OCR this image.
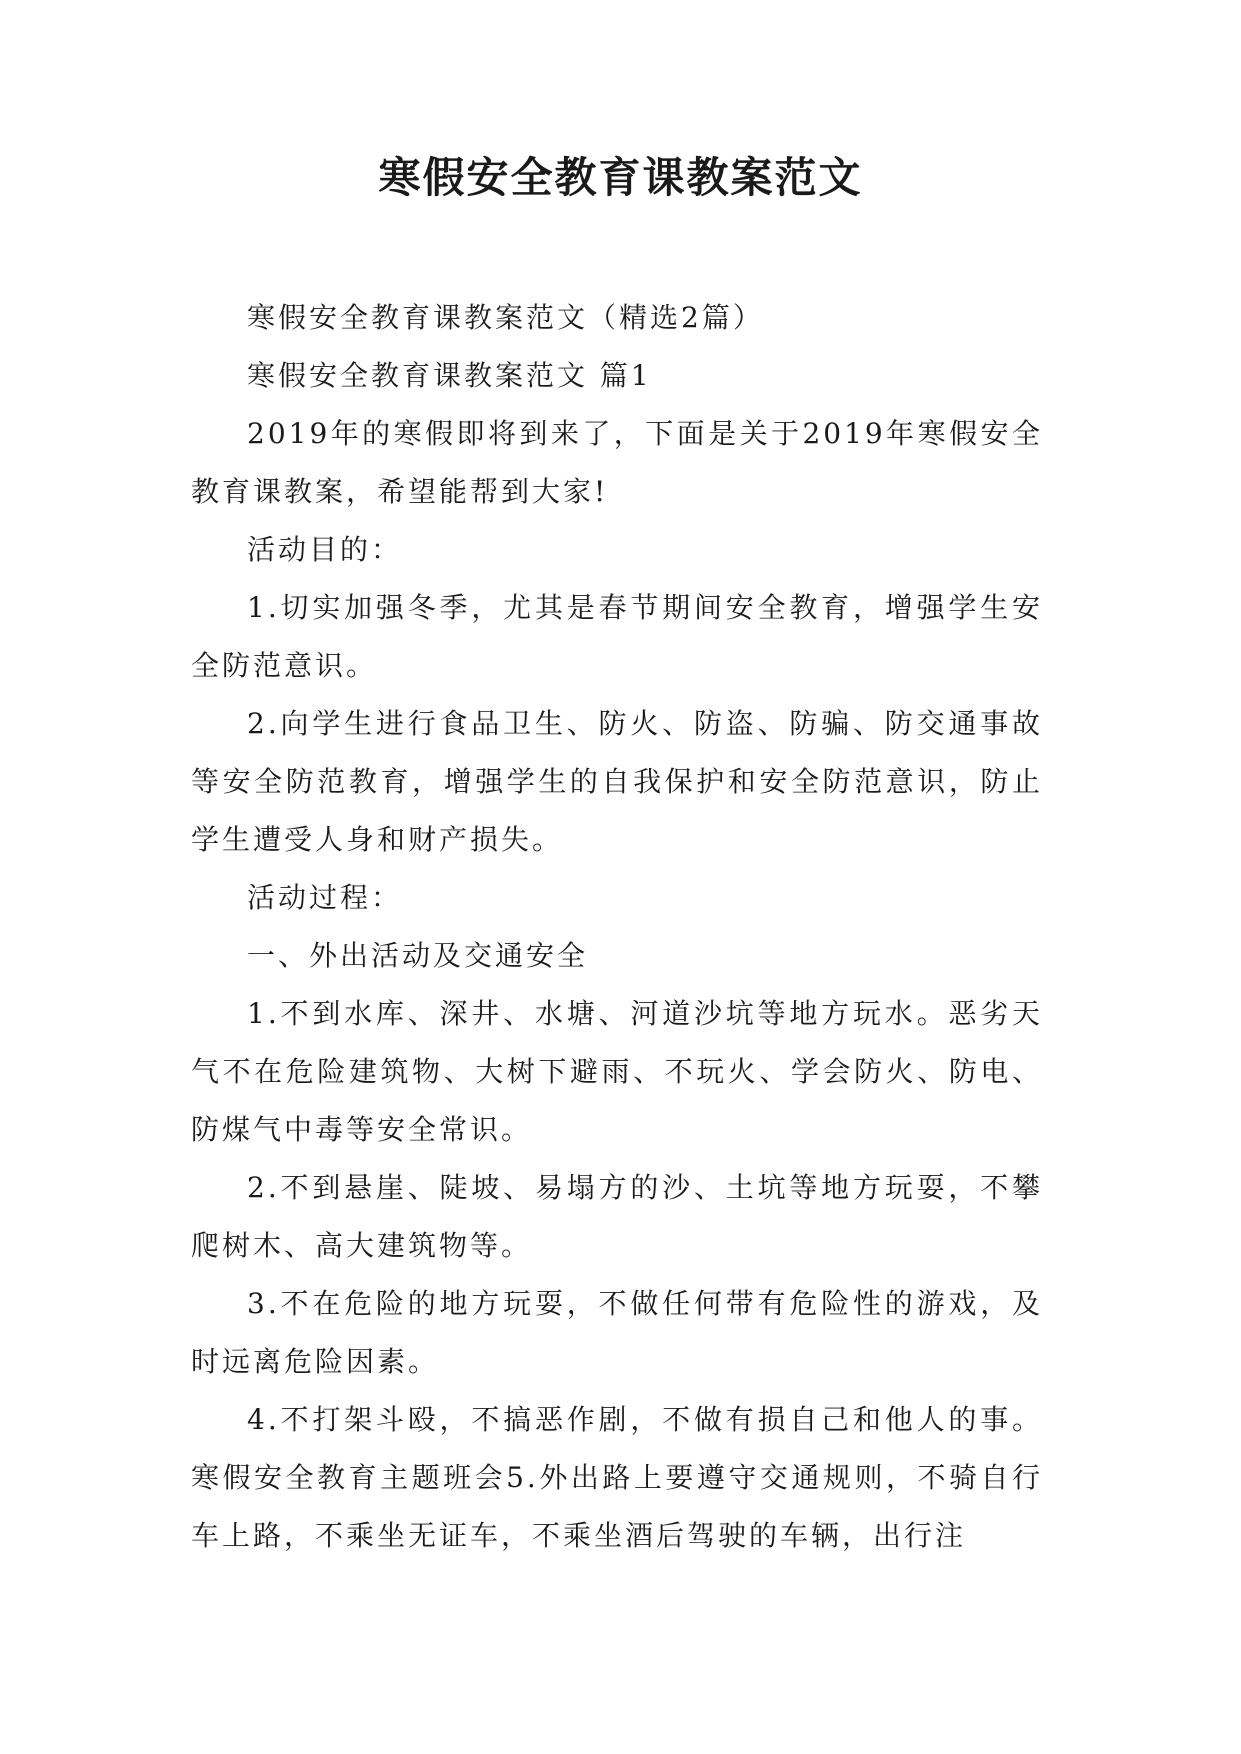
寒假安全教育课教案范文

寒假安全教育课教案范文（精选2篇）

寒假安全教育课教案范文 篇1

2019年的寒假即将到来了，下面是关于2019年寒假安全教育课教案，希望能帮到大家!

活动目的：

1.切实加强冬季，尤其是春节期间安全教育，增强学生安全防范意识。

2.向学生进行食品卫生、防火、防盗、防骗、防交通事故等安全防范教育，增强学生的自我保护和安全防范意识，防止学生遭受人身和财产损失。

活动过程：

一、外出活动及交通安全

1.不到水库、深井、水塘、河道沙坑等地方玩水。恶劣天气不在危险建筑物、大树下避雨、不玩火、学会防火、防电、防煤气中毒等安全常识。

2.不到悬崖、陡坡、易塌方的沙、土坑等地方玩耍，不攀爬树木、高大建筑物等。

3.不在危险的地方玩耍，不做任何带有危险性的游戏，及时远离危险因素。

4.不打架斗殴，不搞恶作剧，不做有损自己和他人的事。寒假安全教育主题班会5.外出路上要遵守交通规则，不骑自行车上路，不乘坐无证车，不乘坐酒后驾驶的车辆，出行注
